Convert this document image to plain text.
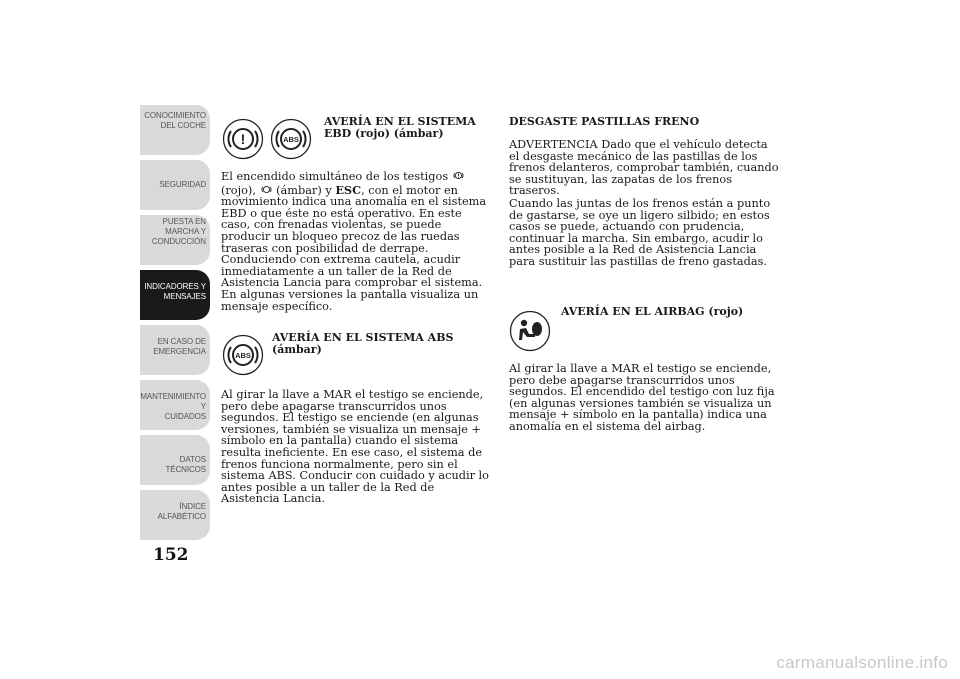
CONOCIMIENTO
DEL COCHE
SEGURIDAD
PUESTA EN
MARCHA Y
CONDUCCIÓN
INDICADORES Y
MENSAJES
EN CASO DE
EMERGENCIA
MANTENIMIENTO Y
CUIDADOS
DATOS TÉCNICOS
ÍNDICE
ALFABÉTICO
152
!	ABS
AVERÍA EN EL SISTEMA
EBD (rojo) (ámbar)

El encendido simultáneo de los testigos  (rojo),  (ámbar) y ESC, con el motor en movimiento indica una anomalía en el sistema EBD o que éste no está operativo. En este caso, con frenadas violentas, se puede producir un bloqueo precoz de las ruedas traseras con posibilidad de derrape. Conduciendo con extrema cautela, acudir inmediatamente a un taller de la Red de Asistencia Lancia para comprobar el sistema. En algunas versiones la pantalla visualiza un mensaje específico.

ABS
AVERÍA EN EL SISTEMA ABS
(ámbar)

Al girar la llave a MAR el testigo se enciende, pero debe apagarse transcurridos unos segundos. El testigo se enciende (en algunas versiones, también se visualiza un mensaje + símbolo en la pantalla) cuando el sistema resulta ineficiente. En ese caso, el sistema de frenos funciona normalmente, pero sin el sistema ABS. Conducir con cuidado y acudir lo antes posible a un taller de la Red de Asistencia Lancia.

DESGASTE PASTILLAS FRENO

ADVERTENCIA Dado que el vehículo detecta el desgaste mecánico de las pastillas de los frenos delanteros, comprobar también, cuando se sustituyan, las zapatas de los frenos traseros.

Cuando las juntas de los frenos están a punto de gastarse, se oye un ligero silbido; en estos casos se puede, actuando con prudencia, continuar la marcha. Sin embargo, acudir lo antes posible a la Red de Asistencia Lancia para sustituir las pastillas de freno gastadas.

AVERÍA EN EL AIRBAG (rojo)

Al girar la llave a MAR el testigo se enciende, pero debe apagarse transcurridos unos segundos. El encendido del testigo con luz fija (en algunas versiones también se visualiza un mensaje + símbolo en la pantalla) indica una anomalía en el sistema del airbag.

carmanualsonline.info
